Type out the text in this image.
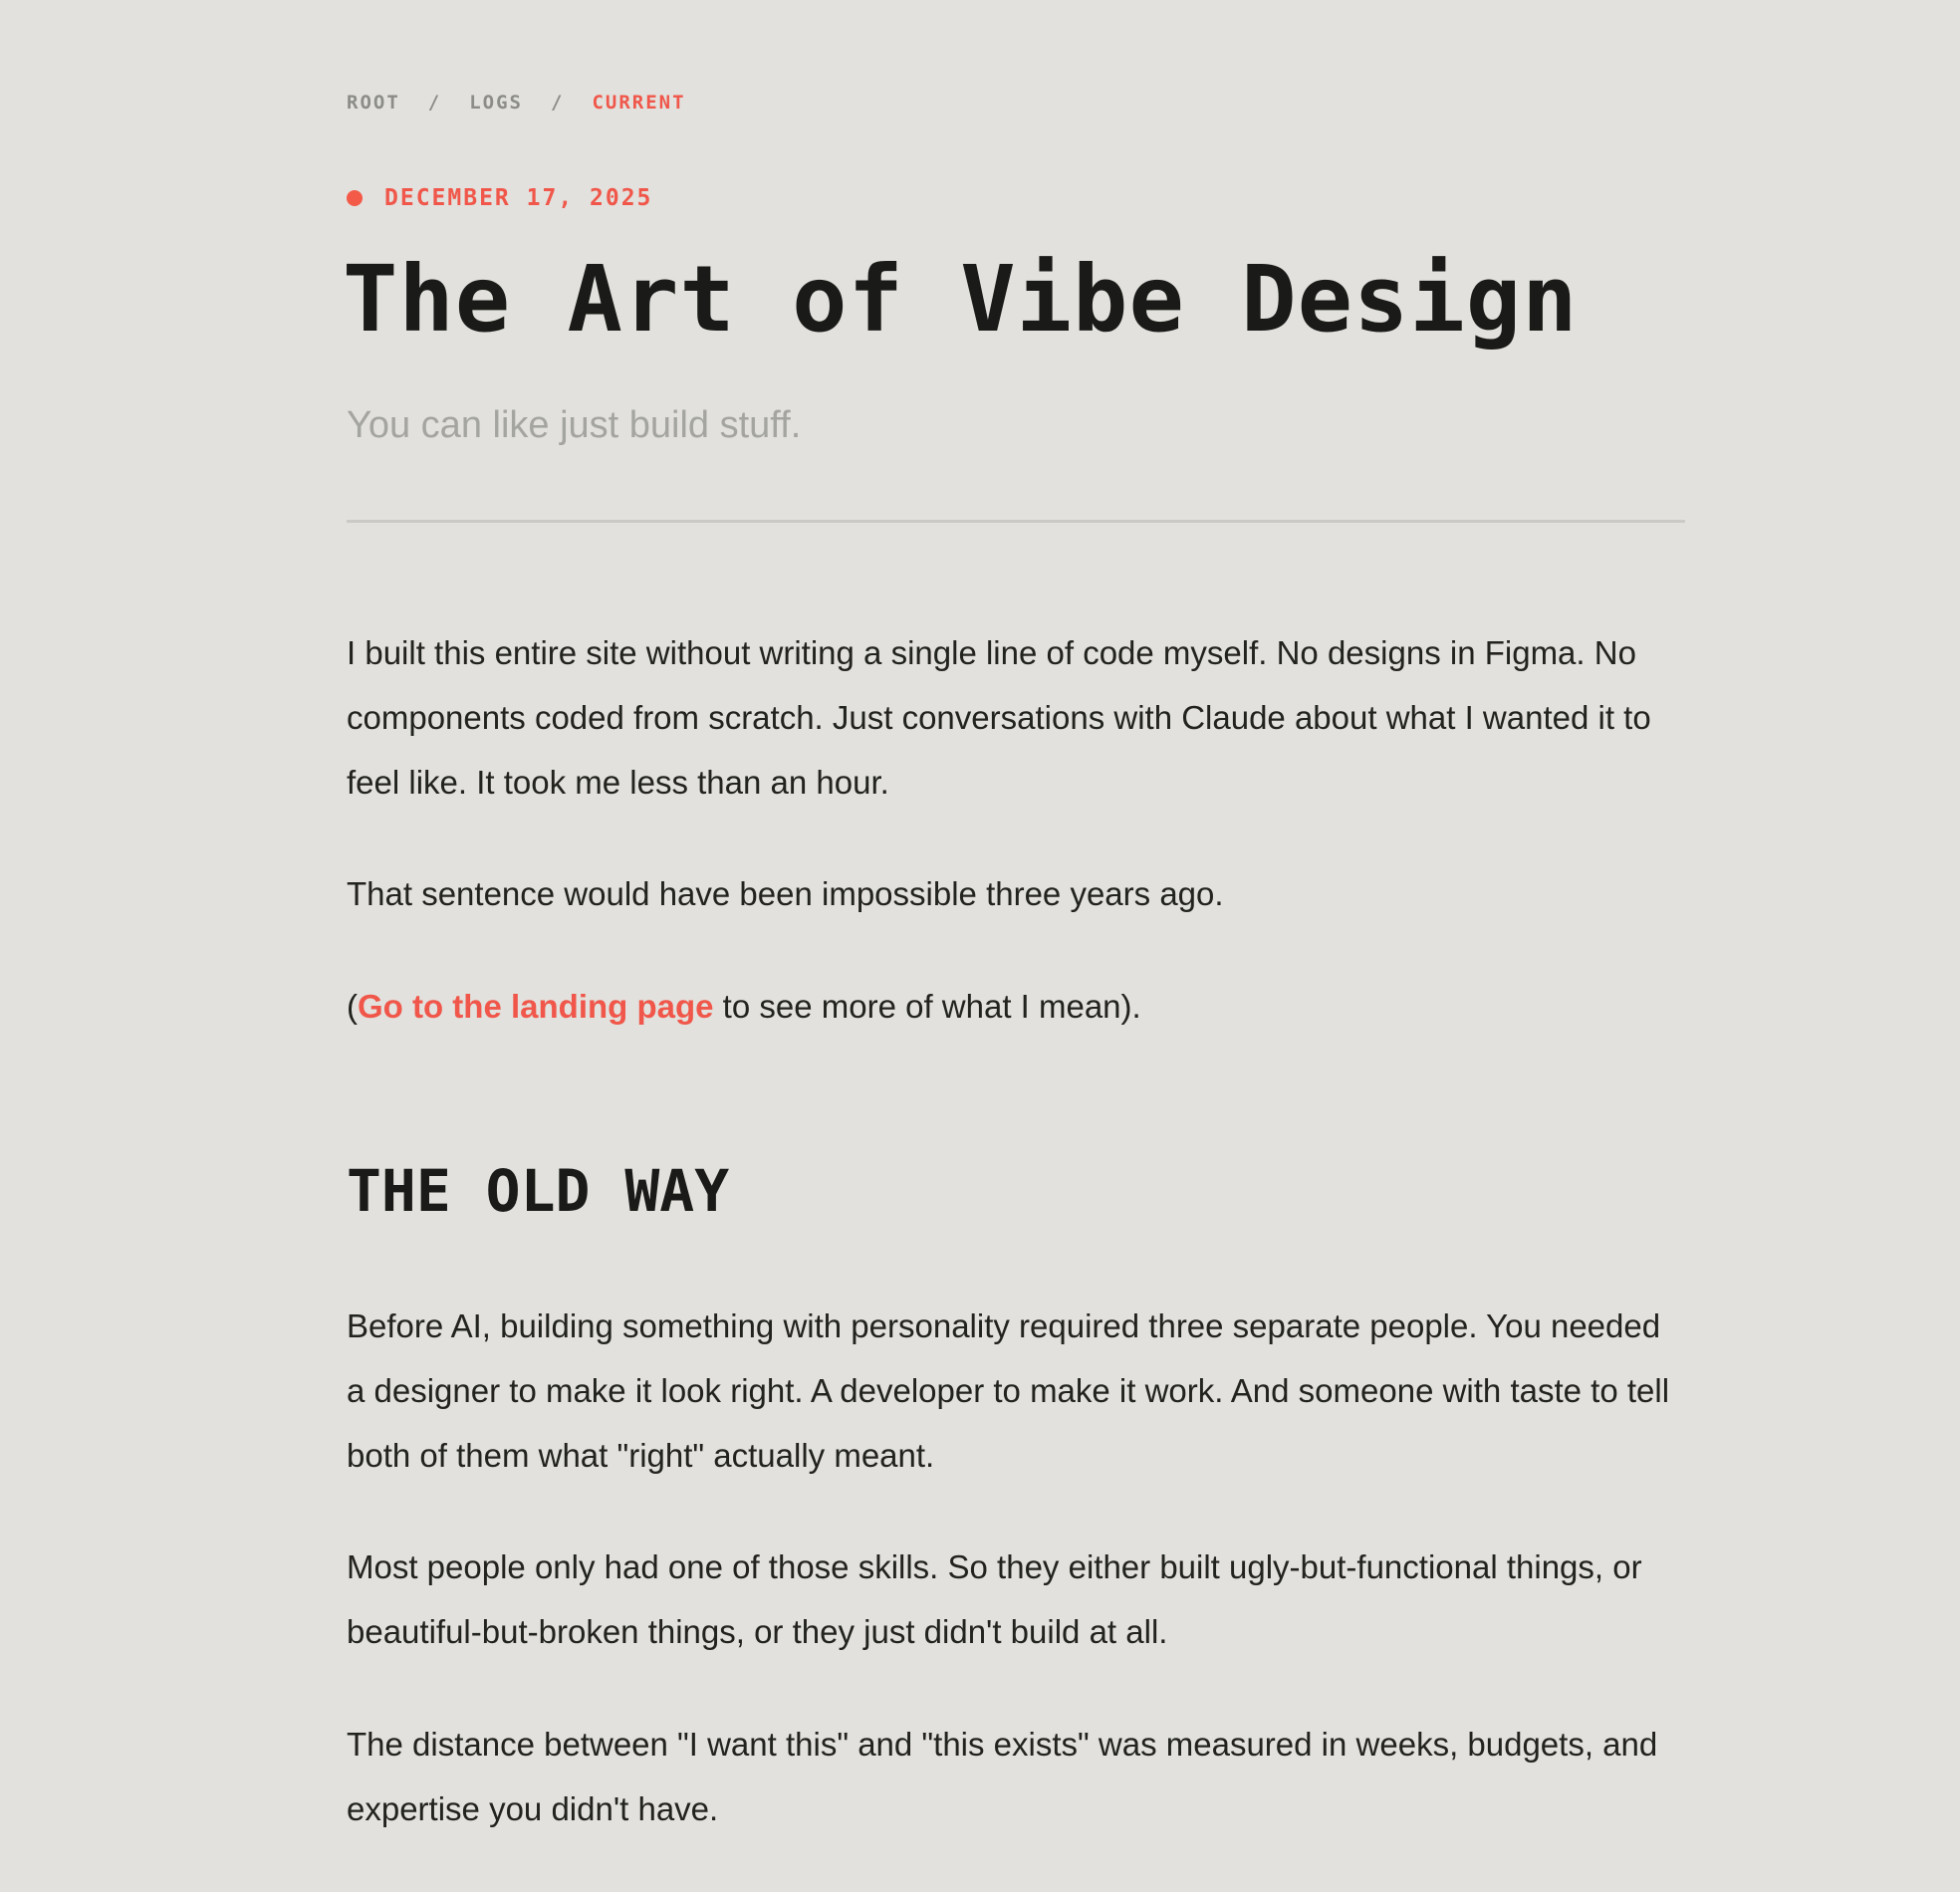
ROOT / LOGS / CURRENT
DECEMBER 17, 2025
The Art of Vibe Design

You can like just build stuff.

I built this entire site without writing a single line of code myself. No designs in Figma. No components coded from scratch. Just conversations with Claude about what I wanted it to feel like. It took me less than an hour.

That sentence would have been impossible three years ago.

(Go to the landing page to see more of what I mean).

THE OLD WAY

Before AI, building something with personality required three separate people. You needed a designer to make it look right. A developer to make it work. And someone with taste to tell both of them what "right" actually meant.

Most people only had one of those skills. So they either built ugly-but-functional things, or beautiful-but-broken things, or they just didn't build at all.

The distance between "I want this" and "this exists" was measured in weeks, budgets, and expertise you didn't have.
